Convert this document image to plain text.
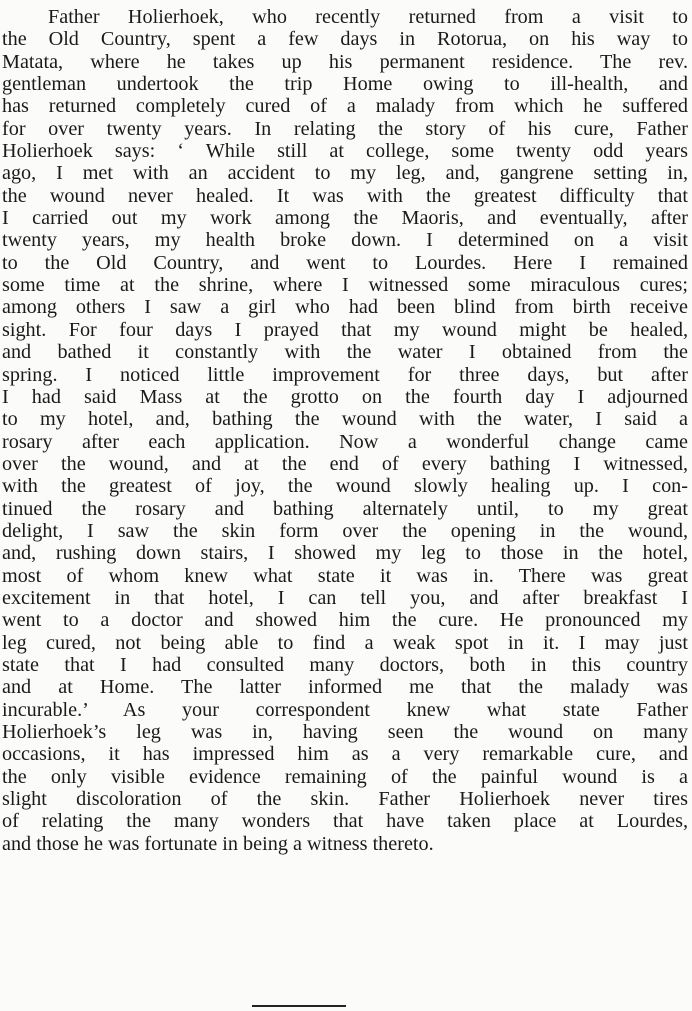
Father Holierhoek, who recently returned from a visit to
the Old Country, spent a few days in Rotorua, on his way to
Matata, where he takes up his permanent residence. The rev.
gentleman undertook the trip Home owing to ill-health, and
has returned completely cured of a malady from which he suffered
for over twenty years. In relating the story of his cure, Father
Holierhoek says: ‘ While still at college, some twenty odd years
ago, I met with an accident to my leg, and, gangrene setting in,
the wound never healed. It was with the greatest difficulty that
I carried out my work among the Maoris, and eventually, after
twenty years, my health broke down. I determined on a visit
to the Old Country, and went to Lourdes. Here I remained
some time at the shrine, where I witnessed some miraculous cures;
among others I saw a girl who had been blind from birth receive
sight. For four days I prayed that my wound might be healed,
and bathed it constantly with the water I obtained from the
spring. I noticed little improvement for three days, but after
I had said Mass at the grotto on the fourth day I adjourned
to my hotel, and, bathing the wound with the water, I said a
rosary after each application. Now a wonderful change came
over the wound, and at the end of every bathing I witnessed,
with the greatest of joy, the wound slowly healing up. I con-
tinued the rosary and bathing alternately until, to my great
delight, I saw the skin form over the opening in the wound,
and, rushing down stairs, I showed my leg to those in the hotel,
most of whom knew what state it was in. There was great
excitement in that hotel, I can tell you, and after breakfast I
went to a doctor and showed him the cure. He pronounced my
leg cured, not being able to find a weak spot in it. I may just
state that I had consulted many doctors, both in this country
and at Home. The latter informed me that the malady was
incurable.’ As your correspondent knew what state Father
Holierhoek’s leg was in, having seen the wound on many
occasions, it has impressed him as a very remarkable cure, and
the only visible evidence remaining of the painful wound is a
slight discoloration of the skin. Father Holierhoek never tires
of relating the many wonders that have taken place at Lourdes,
and those he was fortunate in being a witness thereto.
